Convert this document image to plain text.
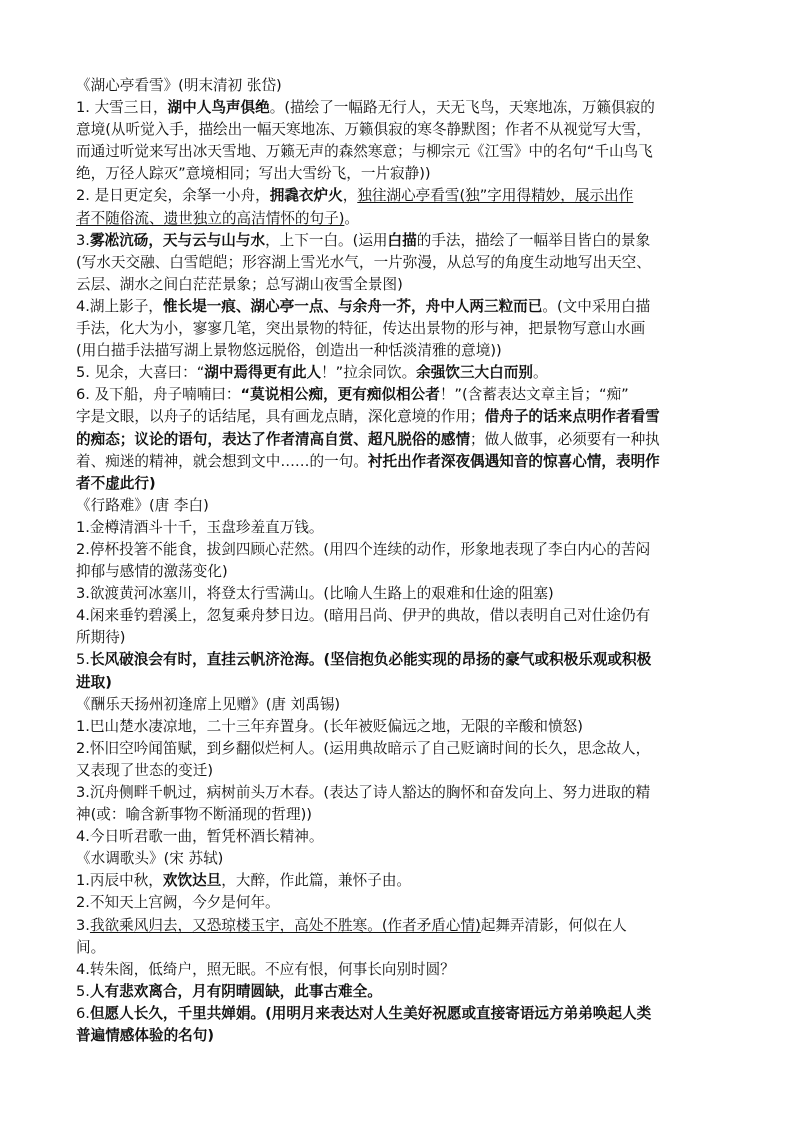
《湖心亭看雪》(明末清初 张岱)
1. 大雪三日，湖中人鸟声俱绝。(描绘了一幅路无行人，天无飞鸟，天寒地冻，万籁俱寂的
意境(从听觉入手，描绘出一幅天寒地冻、万籁俱寂的寒冬静默图；作者不从视觉写大雪，
而通过听觉来写出冰天雪地、万籁无声的森然寒意；与柳宗元《江雪》中的名句“千山鸟飞
绝，万径人踪灭”意境相同；写出大雪纷飞，一片寂静))
2. 是日更定矣，余拏一小舟，拥毳衣炉火，独往湖心亭看雪(独”字用得精妙，展示出作
者不随俗流、遗世独立的高洁情怀的句子)。
3.雾凇沆砀，天与云与山与水，上下一白。(运用白描的手法，描绘了一幅举目皆白的景象
(写水天交融、白雪皑皑；形容湖上雪光水气，一片弥漫，从总写的角度生动地写出天空、
云层、湖水之间白茫茫景象；总写湖山夜雪全景图)
4.湖上影子，惟长堤一痕、湖心亭一点、与余舟一芥，舟中人两三粒而已。(文中采用白描
手法，化大为小，寥寥几笔，突出景物的特征，传达出景物的形与神，把景物写意山水画
(用白描手法描写湖上景物悠远脱俗，创造出一种恬淡清雅的意境))
5. 见余，大喜曰：“湖中焉得更有此人！”拉余同饮。余强饮三大白而别。
6. 及下船，舟子喃喃曰：“莫说相公痴，更有痴似相公者！”(含蓄表达文章主旨；“痴”
字是文眼，以舟子的话结尾，具有画龙点睛，深化意境的作用；借舟子的话来点明作者看雪
的痴态；议论的语句，表达了作者清高自赏、超凡脱俗的感情；做人做事，必须要有一种执
着、痴迷的精神，就会想到文中……的一句。衬托出作者深夜偶遇知音的惊喜心情，表明作
者不虚此行)
《行路难》(唐 李白)
1.金樽清酒斗十千，玉盘珍羞直万钱。
2.停杯投箸不能食，拔剑四顾心茫然。(用四个连续的动作，形象地表现了李白内心的苦闷
抑郁与感情的激荡变化)
3.欲渡黄河冰塞川，将登太行雪满山。(比喻人生路上的艰难和仕途的阻塞)
4.闲来垂钓碧溪上，忽复乘舟梦日边。(暗用吕尚、伊尹的典故，借以表明自己对仕途仍有
所期待)
5.长风破浪会有时，直挂云帆济沧海。(坚信抱负必能实现的昂扬的豪气或积极乐观或积极
进取)
《酬乐天扬州初逢席上见赠》(唐 刘禹锡)
1.巴山楚水凄凉地，二十三年弃置身。(长年被贬偏远之地，无限的辛酸和愤怒)
2.怀旧空吟闻笛赋，到乡翻似烂柯人。(运用典故暗示了自己贬谪时间的长久，思念故人，
又表现了世态的变迁)
3.沉舟侧畔千帆过，病树前头万木春。(表达了诗人豁达的胸怀和奋发向上、努力进取的精
神(或：喻含新事物不断涌现的哲理))
4.今日听君歌一曲，暂凭杯酒长精神。
《水调歌头》(宋 苏轼)
1.丙辰中秋，欢饮达旦，大醉，作此篇，兼怀子由。
2.不知天上宫阙，今夕是何年。
3.我欲乘风归去，又恐琼楼玉宇，高处不胜寒。(作者矛盾心情)起舞弄清影，何似在人
间。
4.转朱阁，低绮户，照无眠。不应有恨，何事长向别时圆？
5.人有悲欢离合，月有阴晴圆缺，此事古难全。
6.但愿人长久，千里共婵娟。(用明月来表达对人生美好祝愿或直接寄语远方弟弟唤起人类
普遍情感体验的名句)
